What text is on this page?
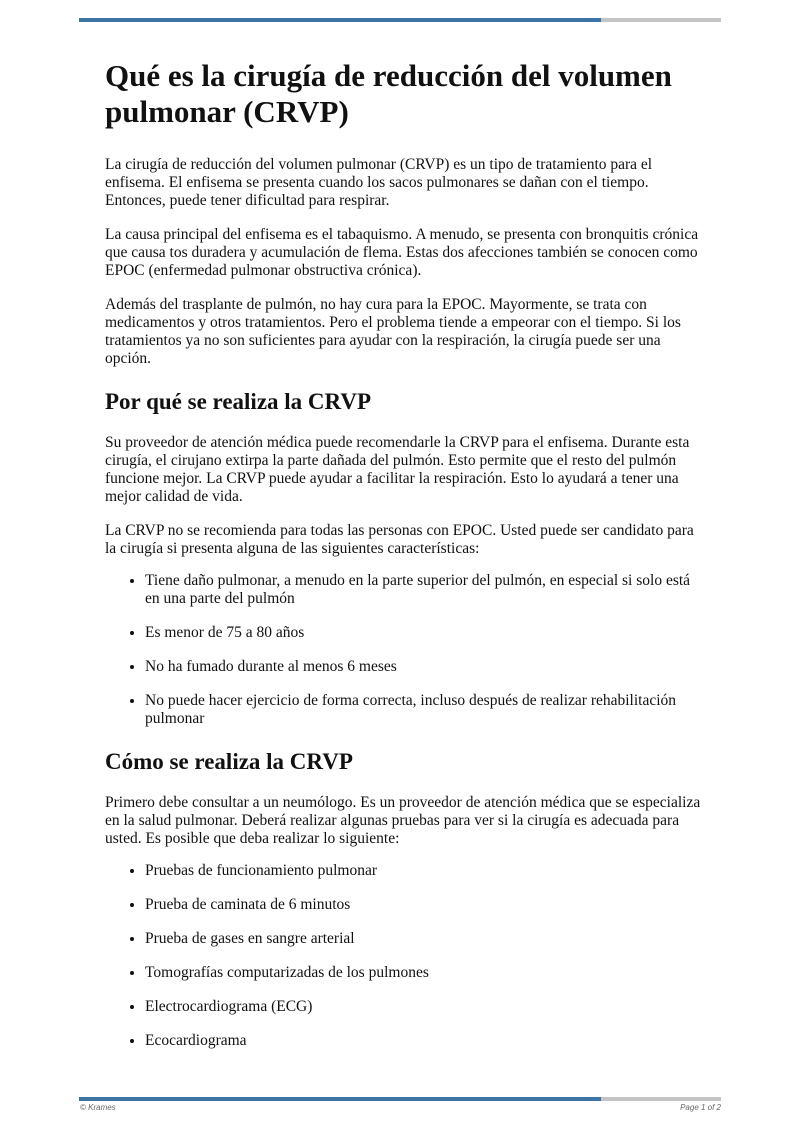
Qué es la cirugía de reducción del volumen pulmonar (CRVP)

La cirugía de reducción del volumen pulmonar (CRVP) es un tipo de tratamiento para el enfisema. El enfisema se presenta cuando los sacos pulmonares se dañan con el tiempo. Entonces, puede tener dificultad para respirar.

La causa principal del enfisema es el tabaquismo. A menudo, se presenta con bronquitis crónica que causa tos duradera y acumulación de flema. Estas dos afecciones también se conocen como EPOC (enfermedad pulmonar obstructiva crónica).

Además del trasplante de pulmón, no hay cura para la EPOC. Mayormente, se trata con medicamentos y otros tratamientos. Pero el problema tiende a empeorar con el tiempo. Si los tratamientos ya no son suficientes para ayudar con la respiración, la cirugía puede ser una opción.

Por qué se realiza la CRVP

Su proveedor de atención médica puede recomendarle la CRVP para el enfisema. Durante esta cirugía, el cirujano extirpa la parte dañada del pulmón. Esto permite que el resto del pulmón funcione mejor. La CRVP puede ayudar a facilitar la respiración. Esto lo ayudará a tener una mejor calidad de vida.

La CRVP no se recomienda para todas las personas con EPOC. Usted puede ser candidato para la cirugía si presenta alguna de las siguientes características:

• Tiene daño pulmonar, a menudo en la parte superior del pulmón, en especial si solo está en una parte del pulmón
• Es menor de 75 a 80 años
• No ha fumado durante al menos 6 meses
• No puede hacer ejercicio de forma correcta, incluso después de realizar rehabilitación pulmonar
Cómo se realiza la CRVP

Primero debe consultar a un neumólogo. Es un proveedor de atención médica que se especializa en la salud pulmonar. Deberá realizar algunas pruebas para ver si la cirugía es adecuada para usted. Es posible que deba realizar lo siguiente:

• Pruebas de funcionamiento pulmonar
• Prueba de caminata de 6 minutos
• Prueba de gases en sangre arterial
• Tomografías computarizadas de los pulmones
• Electrocardiograma (ECG)
• Ecocardiograma
© Krames	Page 1 of 2
